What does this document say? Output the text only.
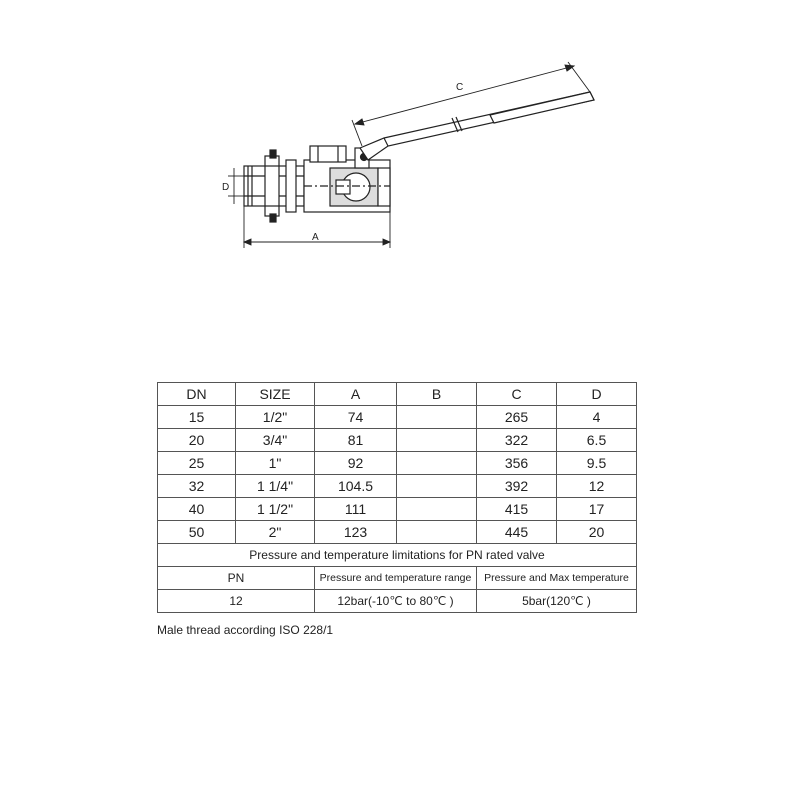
A
C
D
DN	SIZE	A	B	C	D
15	1/2"	74		265	4
20	3/4"	81		322	6.5
25	1"	92		356	9.5
32	1 1/4"	104.5		392	12
40	1 1/2"	111		415	17
50	2"	123		445	20
Pressure and temperature limitations for PN rated valve					
PN		Pressure and temperature range		Pressure and Max temperature	
12		12bar(-10℃ to 80℃ )		5bar(120℃ )	
Male thread according ISO 228/1
